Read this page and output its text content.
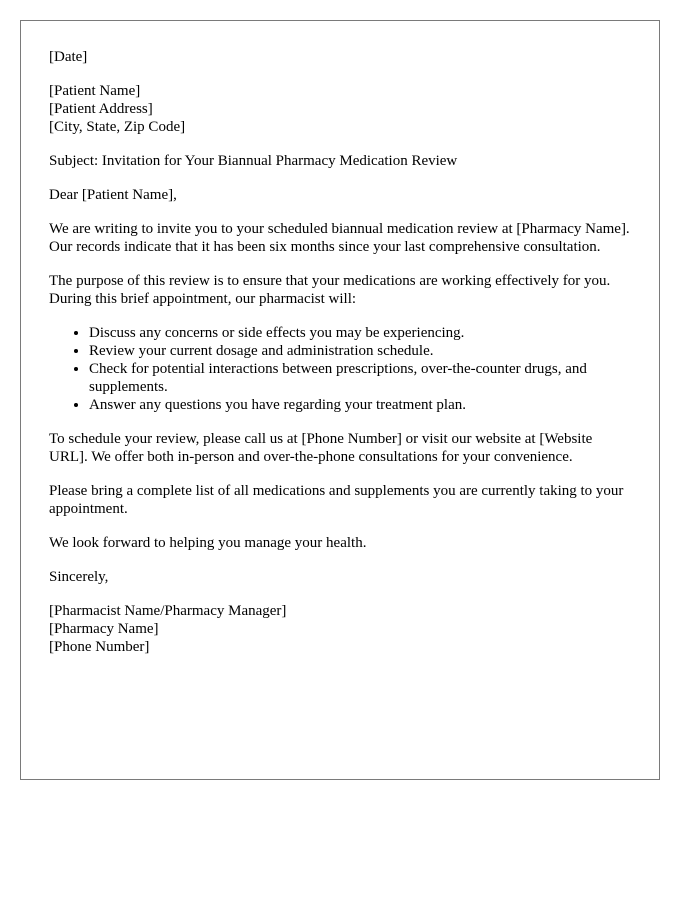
[Date]

[Patient Name]
[Patient Address]
[City, State, Zip Code]

Subject: Invitation for Your Biannual Pharmacy Medication Review

Dear [Patient Name],

We are writing to invite you to your scheduled biannual medication review at [Pharmacy Name]. Our records indicate that it has been six months since your last comprehensive consultation.

The purpose of this review is to ensure that your medications are working effectively for you. During this brief appointment, our pharmacist will:

• Discuss any concerns or side effects you may be experiencing.
• Review your current dosage and administration schedule.
• Check for potential interactions between prescriptions, over-the-counter drugs, and supplements.
• Answer any questions you have regarding your treatment plan.

To schedule your review, please call us at [Phone Number] or visit our website at [Website URL]. We offer both in-person and over-the-phone consultations for your convenience.

Please bring a complete list of all medications and supplements you are currently taking to your appointment.

We look forward to helping you manage your health.

Sincerely,

[Pharmacist Name/Pharmacy Manager]
[Pharmacy Name]
[Phone Number]
